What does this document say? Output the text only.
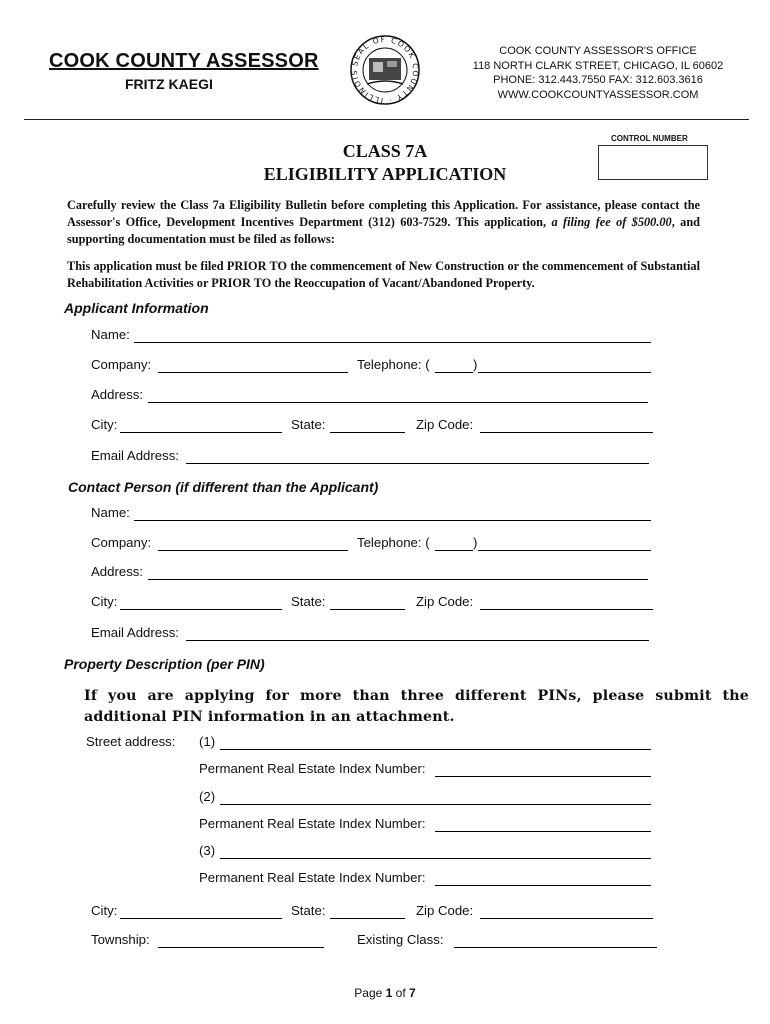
COOK COUNTY ASSESSOR
FRITZ KAEGI
SEAL OF COOK COUNTY · ILLINOIS
COOK COUNTY ASSESSOR'S OFFICE
118 NORTH CLARK STREET, CHICAGO, IL 60602
PHONE: 312.443.7550 FAX: 312.603.3616
WWW.COOKCOUNTYASSESSOR.COM
CONTROL NUMBER
CLASS 7A
ELIGIBILITY APPLICATION
Carefully review the Class 7a Eligibility Bulletin before completing this Application. For assistance, please contact the Assessor's Office, Development Incentives Department (312) 603-7529. This application, a filing fee of $500.00, and supporting documentation must be filed as follows:
This application must be filed PRIOR TO the commencement of New Construction or the commencement of Substantial Rehabilitation Activities or PRIOR TO the Reoccupation of Vacant/Abandoned Property.
Applicant Information
Name:
Company:	Telephone: (	)
Address:
City:	State:	Zip Code:
Email Address:
Contact Person (if different than the Applicant)
Name:
Company:	Telephone: (	)
Address:
City:	State:	Zip Code:
Email Address:
Property Description (per PIN)
If you are applying for more than three different PINs, please submit the additional PIN information in an attachment.
Street address: (1)
Permanent Real Estate Index Number:
(2)
Permanent Real Estate Index Number:
(3)
Permanent Real Estate Index Number:
City:	State:	Zip Code:
Township:	Existing Class:
Page 1 of 7
